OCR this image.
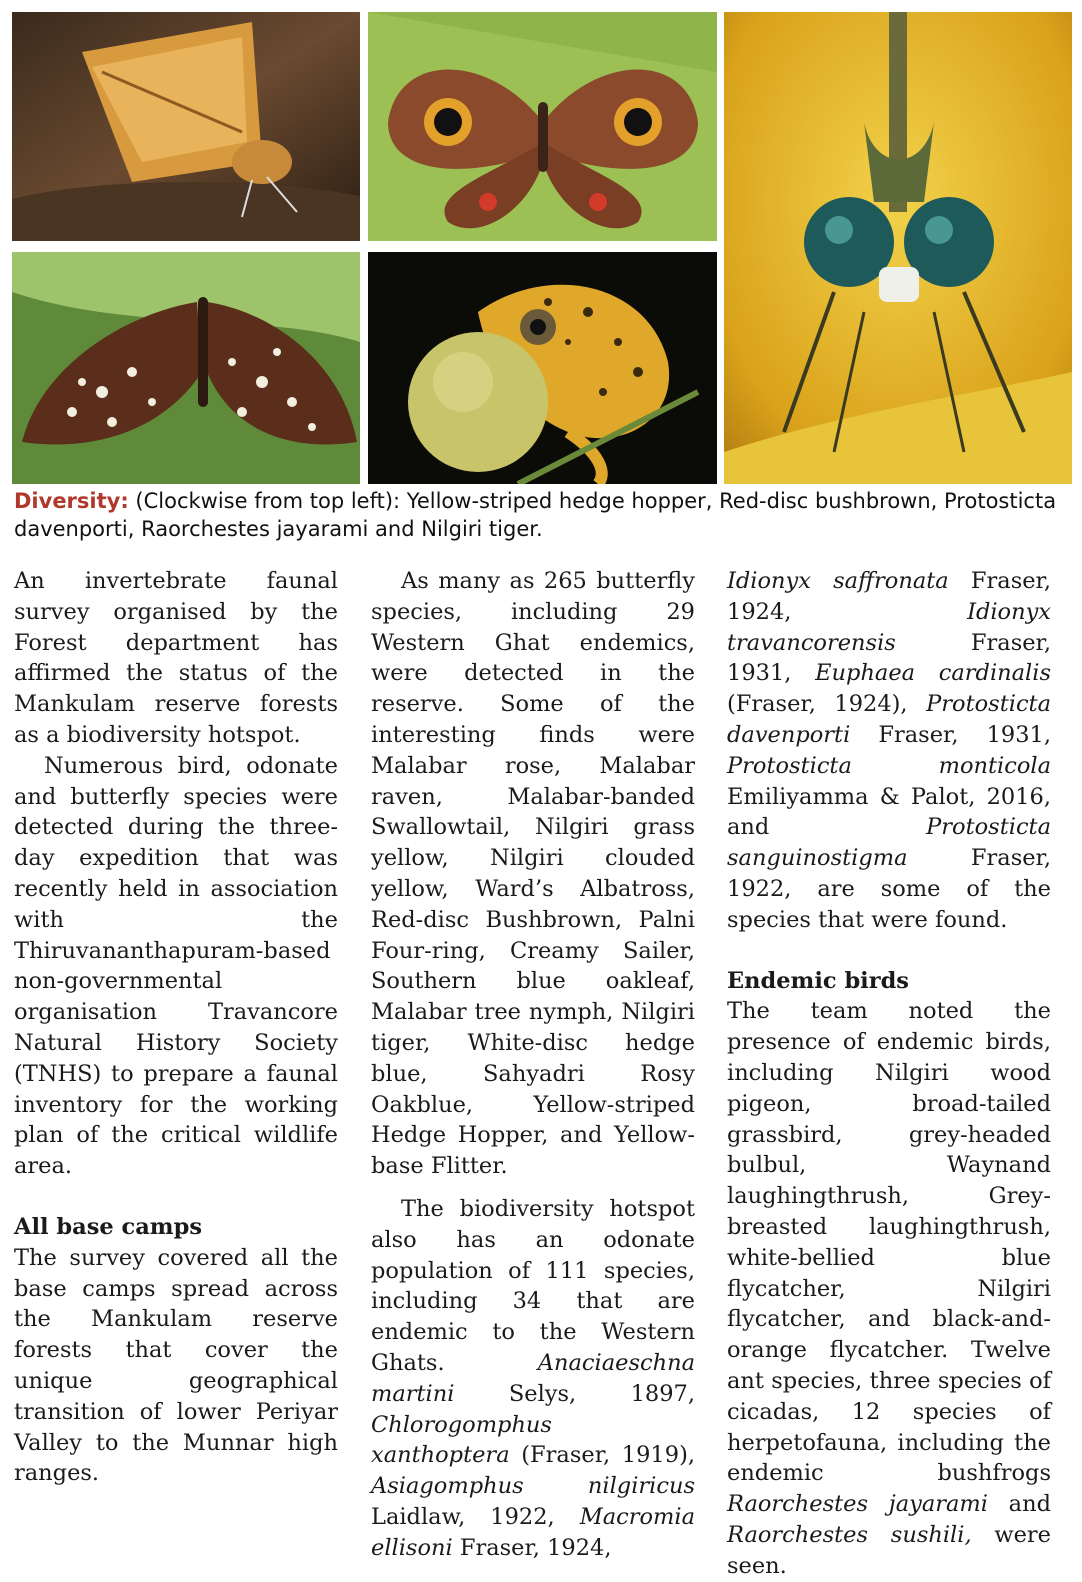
Diversity: (Clockwise from top left): Yellow-striped hedge hopper, Red-disc bushbrown, Protosticta davenporti, Raorchestes jayarami and Nilgiri tiger.

An invertebrate faunal survey organised by the Forest department has affirmed the status of the Mankulam reserve forests as a biodiversity hotspot.

Numerous bird, odonate and butterfly species were detected during the three-day expedition that was recently held in association with the Thiruvananthapuram-based non-governmental organisation Travancore Natural History Society (TNHS) to prepare a faunal inventory for the working plan of the critical wildlife area.

All base camps

The survey covered all the base camps spread across the Mankulam reserve forests that cover the unique geographical transition of lower Periyar Valley to the Munnar high ranges.

As many as 265 butterfly species, including 29 Western Ghat endemics, were detected in the reserve. Some of the interesting finds were Malabar rose, Malabar raven, Malabar-banded Swallowtail, Nilgiri grass yellow, Nilgiri clouded yellow, Ward’s Albatross, Red-disc Bushbrown, Palni Four-ring, Creamy Sailer, Southern blue oakleaf, Malabar tree nymph, Nilgiri tiger, White-disc hedge blue, Sahyadri Rosy Oakblue, Yellow-striped Hedge Hopper, and Yellow-base Flitter.

The biodiversity hotspot also has an odonate population of 111 species, including 34 that are endemic to the Western Ghats. Anaciaeschna martini Selys, 1897, Chlorogomphus xanthoptera (Fraser, 1919), Asiagomphus nilgiricus Laidlaw, 1922, Macromia ellisoni Fraser, 1924,

Idionyx saffronata Fraser, 1924, Idionyx travancorensis Fraser, 1931, Euphaea cardinalis (Fraser, 1924), Protosticta davenporti Fraser, 1931, Protosticta monticola Emiliyamma & Palot, 2016, and Protosticta sanguinostigma Fraser, 1922, are some of the species that were found.

Endemic birds

The team noted the presence of endemic birds, including Nilgiri wood pigeon, broad-tailed grassbird, grey-headed bulbul, Waynand laughingthrush, Grey-breasted laughingthrush, white-bellied blue flycatcher, Nilgiri flycatcher, and black-and-orange flycatcher. Twelve ant species, three species of cicadas, 12 species of herpetofauna, including the endemic bushfrogs Raorchestes jayarami and Raorchestes sushili, were seen.
